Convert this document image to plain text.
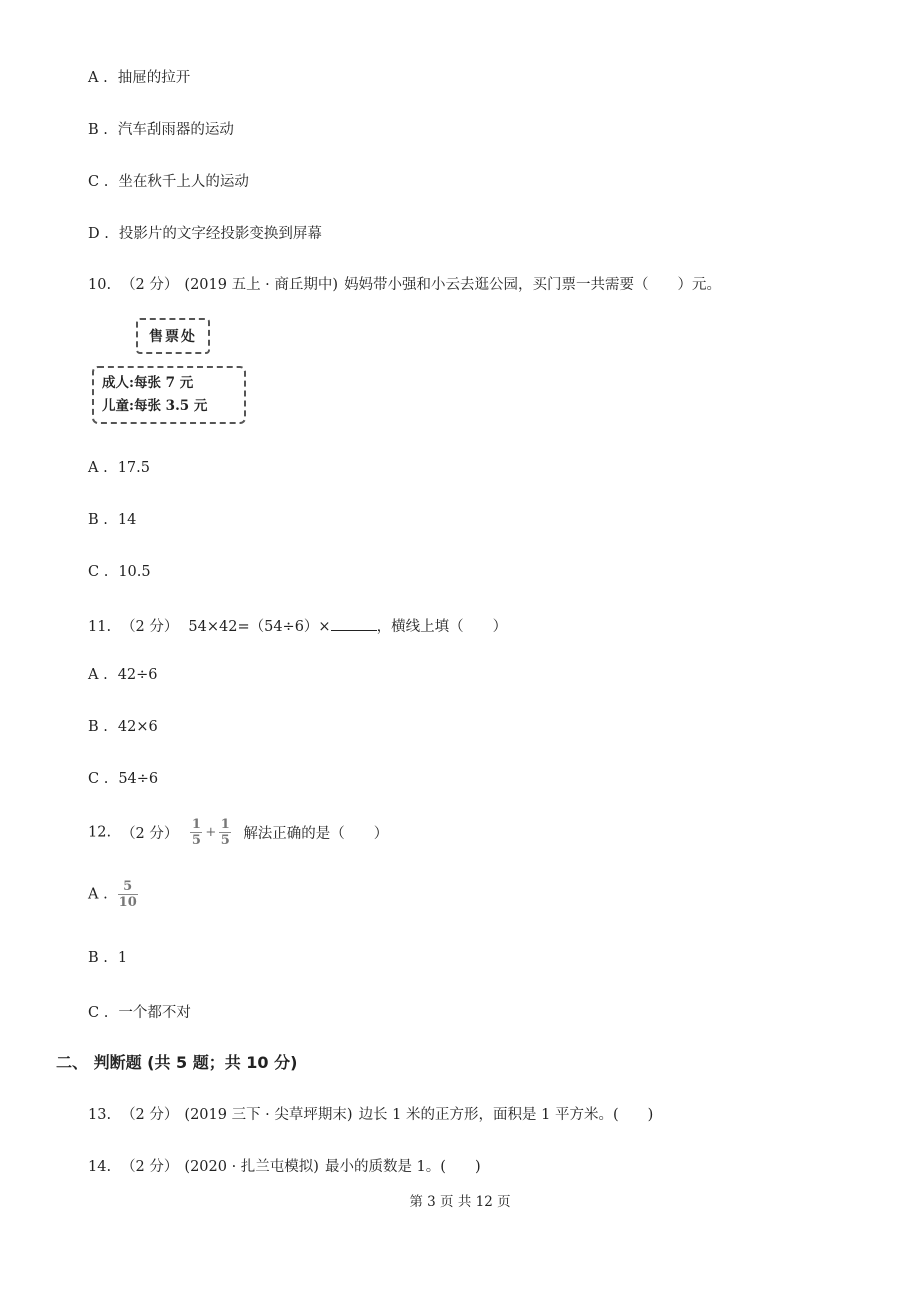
A . 抽屉的拉开
B . 汽车刮雨器的运动
C . 坐在秋千上人的运动
D . 投影片的文字经投影变换到屏幕
10. （2 分） (2019 五上 · 商丘期中) 妈妈带小强和小云去逛公园，买门票一共需要（　　）元。
售票处
成人:每张 7 元
儿童:每张 3.5 元
A . 17.5
B . 14
C . 10.5
11. （2 分） 54×42=（54÷6）×	，横线上填（　　）
A . 42÷6
B . 42×6
C . 54÷6
12. （2 分） $\frac{1}{5} + \frac{1}{5}$ 解法正确的是（　　）
A . $\frac{5}{10}$
B . 1
C . 一个都不对
二、 判断题 (共 5 题；共 10 分)
13. （2 分） (2019 三下 · 尖草坪期末) 边长 1 米的正方形，面积是 1 平方米。(　　)
14. （2 分） (2020 · 扎兰屯模拟) 最小的质数是 1。(　　)
第 3 页 共 12 页
